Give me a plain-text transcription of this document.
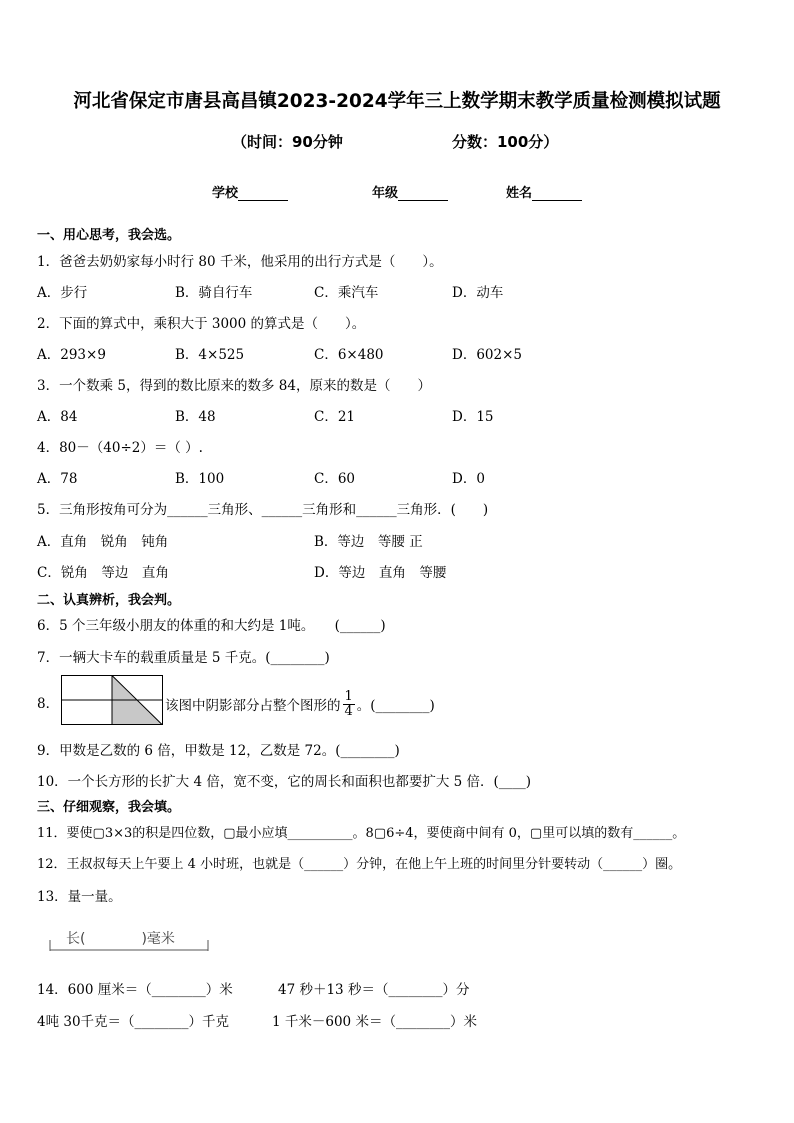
河北省保定市唐县高昌镇2023-2024学年三上数学期末教学质量检测模拟试题
（时间：90分钟	分数：100分）
学校	年级	姓名
一、用心思考，我会选。
1．爸爸去奶奶家每小时行 80 千米，他采用的出行方式是（　　）。
A．步行	B．骑自行车	C．乘汽车	D．动车
2．下面的算式中，乘积大于 3000 的算式是（　　）。
A．293×9	B．4×525	C．6×480	D．602×5
3．一个数乘 5，得到的数比原来的数多 84，原来的数是（　　）
A．84	B．48	C．21	D．15
4．80－（40÷2）＝（ ）.
A．78	B．100	C．60	D．0
5．三角形按角可分为______三角形、______三角形和______三角形．(　　)
A．直角　锐角　钝角	B．等边　等腰 正
C．锐角　等边　直角	D．等边　直角　等腰
二、认真辨析，我会判。
6．5 个三年级小朋友的体重的和大约是 1吨。　　(______)
7．一辆大卡车的载重质量是 5 千克。(________)
8．	该图中阴影部分占整个图形的 $\frac{1}{4}$ 。(________)
9．甲数是乙数的 6 倍，甲数是 12，乙数是 72。(________)
10．一个长方形的长扩大 4 倍，宽不变，它的周长和面积也都要扩大 5 倍．(____)
三、仔细观察，我会填。
11．要使▢3×3的积是四位数，▢最小应填__________。8▢6÷4，要使商中间有 0，▢里可以填的数有______。
12．王叔叔每天上午要上 4 小时班，也就是（______）分钟，在他上午上班的时间里分针要转动（______）圈。
13．量一量。
长(　　　　)毫米
14．600 厘米＝（________）米	47 秒＋13 秒＝（________）分
4吨 30千克＝（________）千克	1 千米－600 米＝（________）米
